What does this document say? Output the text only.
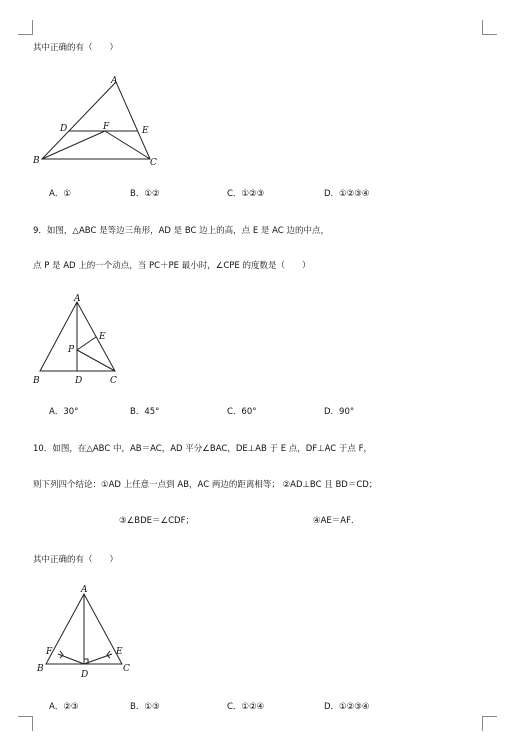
其中正确的有（　　）
A
B	C
D	E
F
A．①	B．①②	C．①②③	D．①②③④
9．如图，△ABC 是等边三角形，AD 是 BC 边上的高，点 E 是 AC 边的中点，
点 P 是 AD 上的一个动点，当 PC＋PE 最小时，∠CPE 的度数是（　　）
A
B	C
D
E
P
A．30°	B．45°	C．60°	D．90°
10．如图，在△ABC 中，AB＝AC，AD 平分∠BAC，DE⊥AB 于 E 点，DF⊥AC 于点 F，
则下列四个结论：①AD 上任意一点到 AB，AC 两边的距离相等； ②AD⊥BC 且 BD＝CD；
③∠BDE＝∠CDF；	④AE＝AF．
其中正确的有（　　）
A
B	C
D
E
F
A．②③	B．①③	C．①②④	D．①②③④
